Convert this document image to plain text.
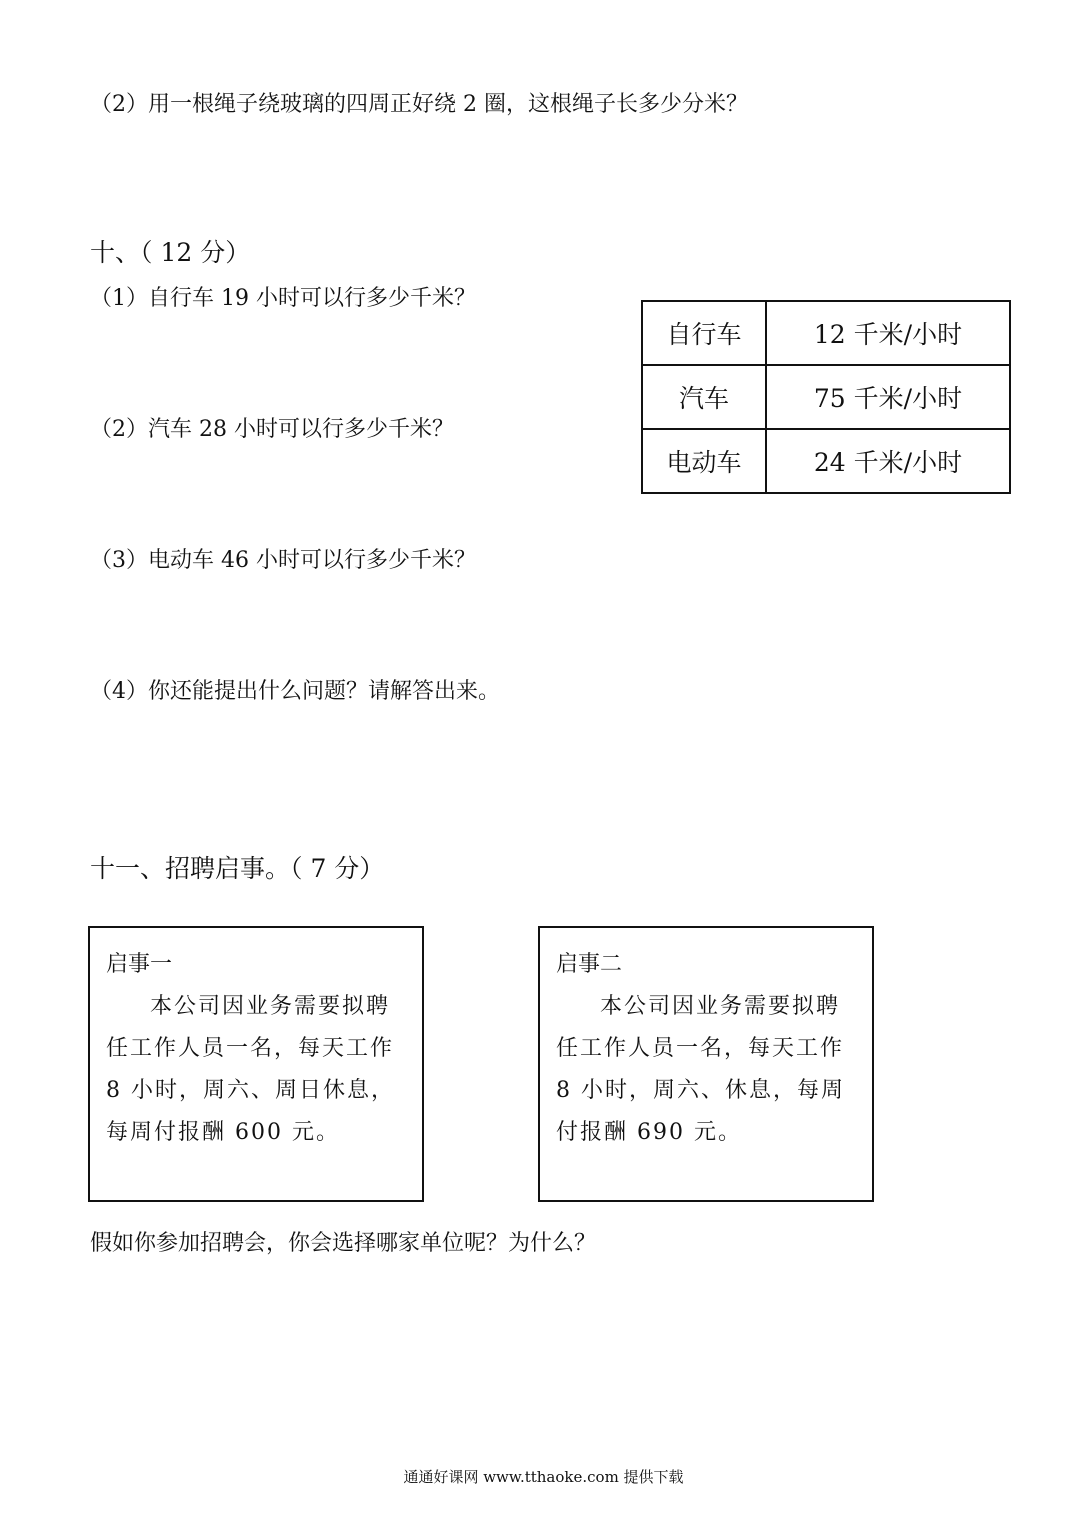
（2）用一根绳子绕玻璃的四周正好绕 2 圈，这根绳子长多少分米？
十、（ 12 分）
（1）自行车 19 小时可以行多少千米？
（2）汽车 28 小时可以行多少千米？
（3）电动车 46 小时可以行多少千米？
（4）你还能提出什么问题？请解答出来。
自行车	12 千米/小时
汽车	75 千米/小时
电动车	24 千米/小时
十一、招聘启事。（ 7 分）
启事一
本公司因业务需要拟聘任工作人员一名，每天工作 8 小时，周六、周日休息，每周付报酬 600 元。
启事二
本公司因业务需要拟聘任工作人员一名，每天工作 8 小时，周六、休息，每周付报酬 690 元。
假如你参加招聘会，你会选择哪家单位呢？为什么？
通通好课网 www.tthaoke.com 提供下载
